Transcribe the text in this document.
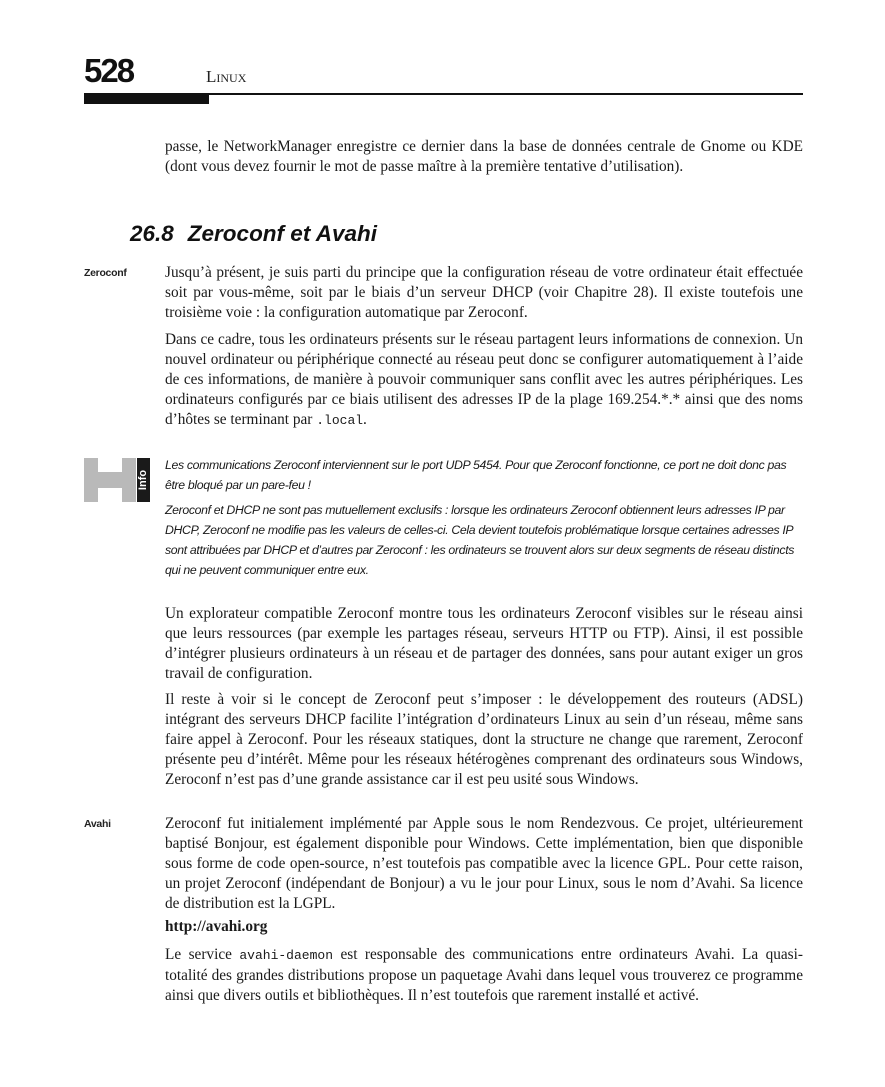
528	Linux

passe, le NetworkManager enregistre ce dernier dans la base de données centrale de Gnome ou KDE (dont vous devez fournir le mot de passe maître à la première tentative d’utilisation).

26.8 Zeroconf et Avahi
Zeroconf	Jusqu’à présent, je suis parti du principe que la configuration réseau de votre ordinateur était effectuée soit par vous-même, soit par le biais d’un serveur DHCP (voir Chapitre 28). Il existe toutefois une troisième voie : la configuration automatique par Zeroconf.

Dans ce cadre, tous les ordinateurs présents sur le réseau partagent leurs informations de connexion. Un nouvel ordinateur ou périphérique connecté au réseau peut donc se configurer automatiquement à l’aide de ces informations, de manière à pouvoir communiquer sans conflit avec les autres périphériques. Les ordinateurs configurés par ce biais utilisent des adresses IP de la plage 169.254.*.* ainsi que des noms d’hôtes se terminant par .local.

Info

Les communications Zeroconf interviennent sur le port UDP 5454. Pour que Zeroconf fonctionne, ce port ne doit donc pas être bloqué par un pare-feu !

Zeroconf et DHCP ne sont pas mutuellement exclusifs : lorsque les ordinateurs Zeroconf obtiennent leurs adresses IP par DHCP, Zeroconf ne modifie pas les valeurs de celles-ci. Cela devient toutefois problématique lorsque certaines adresses IP sont attribuées par DHCP et d’autres par Zeroconf : les ordinateurs se trouvent alors sur deux segments de réseau distincts qui ne peuvent communiquer entre eux.

Un explorateur compatible Zeroconf montre tous les ordinateurs Zeroconf visibles sur le réseau ainsi que leurs ressources (par exemple les partages réseau, serveurs HTTP ou FTP). Ainsi, il est possible d’intégrer plusieurs ordinateurs à un réseau et de partager des données, sans pour autant exiger un gros travail de configuration.

Il reste à voir si le concept de Zeroconf peut s’imposer : le développement des routeurs (ADSL) intégrant des serveurs DHCP facilite l’intégration d’ordinateurs Linux au sein d’un réseau, même sans faire appel à Zeroconf. Pour les réseaux statiques, dont la structure ne change que rarement, Zeroconf présente peu d’intérêt. Même pour les réseaux hétérogènes comprenant des ordinateurs sous Windows, Zeroconf n’est pas d’une grande assistance car il est peu usité sous Windows.

Avahi	Zeroconf fut initialement implémenté par Apple sous le nom Rendezvous. Ce projet, ultérieurement baptisé Bonjour, est également disponible pour Windows. Cette implémentation, bien que disponible sous forme de code open-source, n’est toutefois pas compatible avec la licence GPL. Pour cette raison, un projet Zeroconf (indépendant de Bonjour) a vu le jour pour Linux, sous le nom d’Avahi. Sa licence de distribution est la LGPL.

http://avahi.org

Le service avahi-daemon est responsable des communications entre ordinateurs Avahi. La quasi-totalité des grandes distributions propose un paquetage Avahi dans lequel vous trouverez ce programme ainsi que divers outils et bibliothèques. Il n’est toutefois que rarement installé et activé.
